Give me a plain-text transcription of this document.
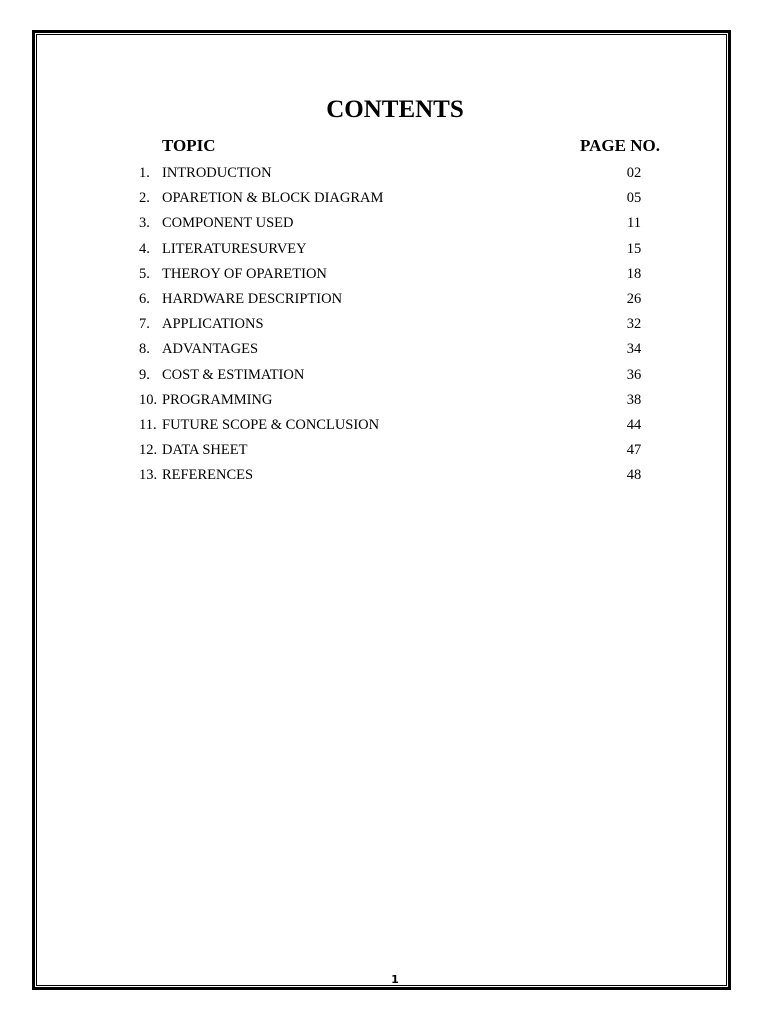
CONTENTS
TOPIC	PAGE NO.
1. INTRODUCTION	02
2. OPARETION & BLOCK DIAGRAM	05
3. COMPONENT USED	11
4. LITERATURESURVEY	15
5. THEROY OF OPARETION	18
6. HARDWARE DESCRIPTION	26
7. APPLICATIONS	32
8. ADVANTAGES	34
9. COST & ESTIMATION	36
10. PROGRAMMING	38
11. FUTURE SCOPE & CONCLUSION	44
12. DATA SHEET	47
13. REFERENCES	48
1
